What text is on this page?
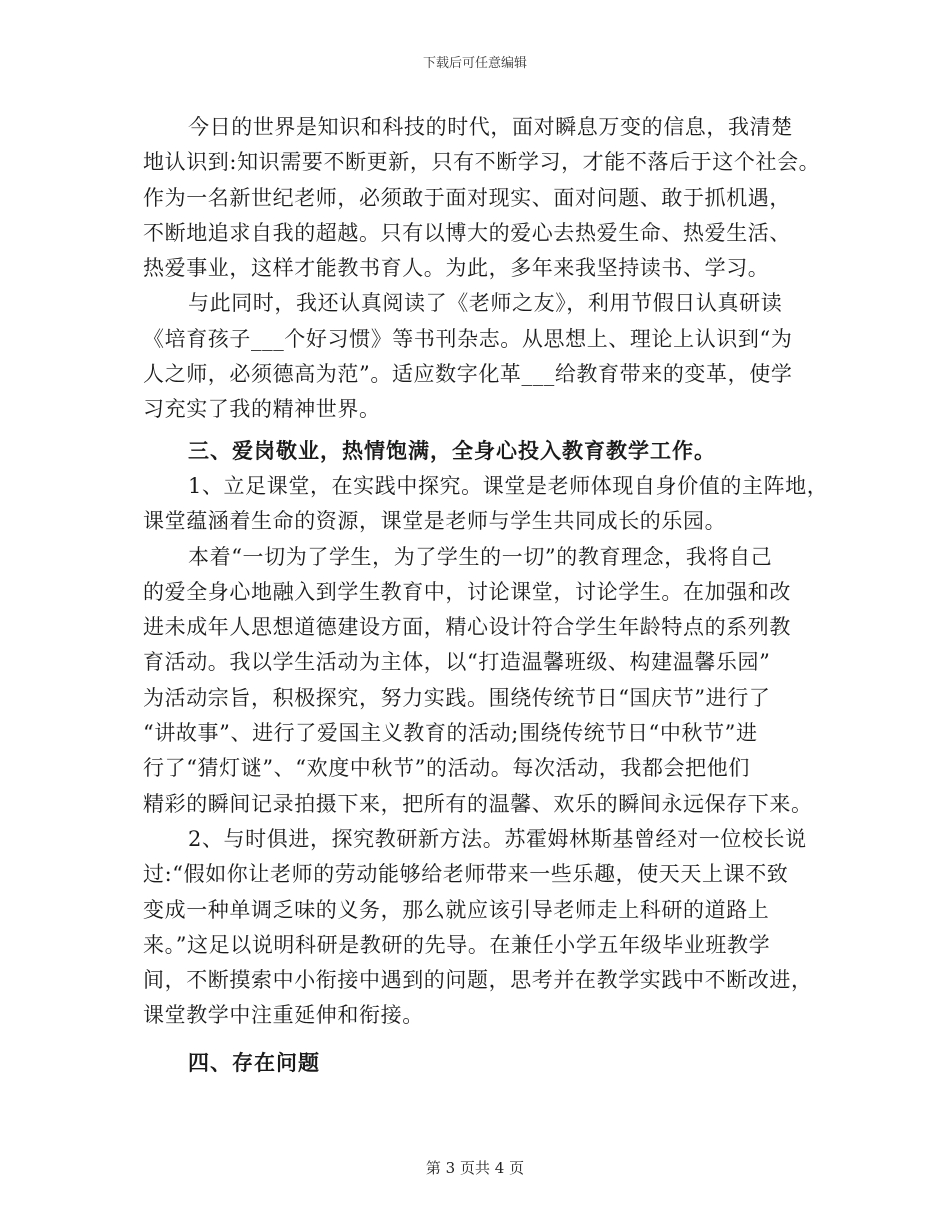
下载后可任意编辑
今日的世界是知识和科技的时代，面对瞬息万变的信息，我清楚
地认识到:知识需要不断更新，只有不断学习，才能不落后于这个社会。
作为一名新世纪老师，必须敢于面对现实、面对问题、敢于抓机遇，
不断地追求自我的超越。只有以博大的爱心去热爱生命、热爱生活、
热爱事业，这样才能教书育人。为此，多年来我坚持读书、学习。
与此同时，我还认真阅读了《老师之友》，利用节假日认真研读
《培育孩子___个好习惯》等书刊杂志。从思想上、理论上认识到“为
人之师，必须德高为范”。适应数字化革___给教育带来的变革，使学
习充实了我的精神世界。
三、爱岗敬业，热情饱满，全身心投入教育教学工作。
1、立足课堂，在实践中探究。课堂是老师体现自身价值的主阵地，
课堂蕴涵着生命的资源，课堂是老师与学生共同成长的乐园。
本着“一切为了学生，为了学生的一切”的教育理念，我将自己
的爱全身心地融入到学生教育中，讨论课堂，讨论学生。在加强和改
进未成年人思想道德建设方面，精心设计符合学生年龄特点的系列教
育活动。我以学生活动为主体，以“打造温馨班级、构建温馨乐园”
为活动宗旨，积极探究，努力实践。围绕传统节日“国庆节”进行了
“讲故事”、进行了爱国主义教育的活动;围绕传统节日“中秋节”进
行了“猜灯谜”、“欢度中秋节”的活动。每次活动，我都会把他们
精彩的瞬间记录拍摄下来，把所有的温馨、欢乐的瞬间永远保存下来。
2、与时俱进，探究教研新方法。苏霍姆林斯基曾经对一位校长说
过:“假如你让老师的劳动能够给老师带来一些乐趣，使天天上课不致
变成一种单调乏味的义务，那么就应该引导老师走上科研的道路上
来。”这足以说明科研是教研的先导。在兼任小学五年级毕业班教学
间，不断摸索中小衔接中遇到的问题，思考并在教学实践中不断改进，
课堂教学中注重延伸和衔接。
四、存在问题
第 3 页共 4 页
